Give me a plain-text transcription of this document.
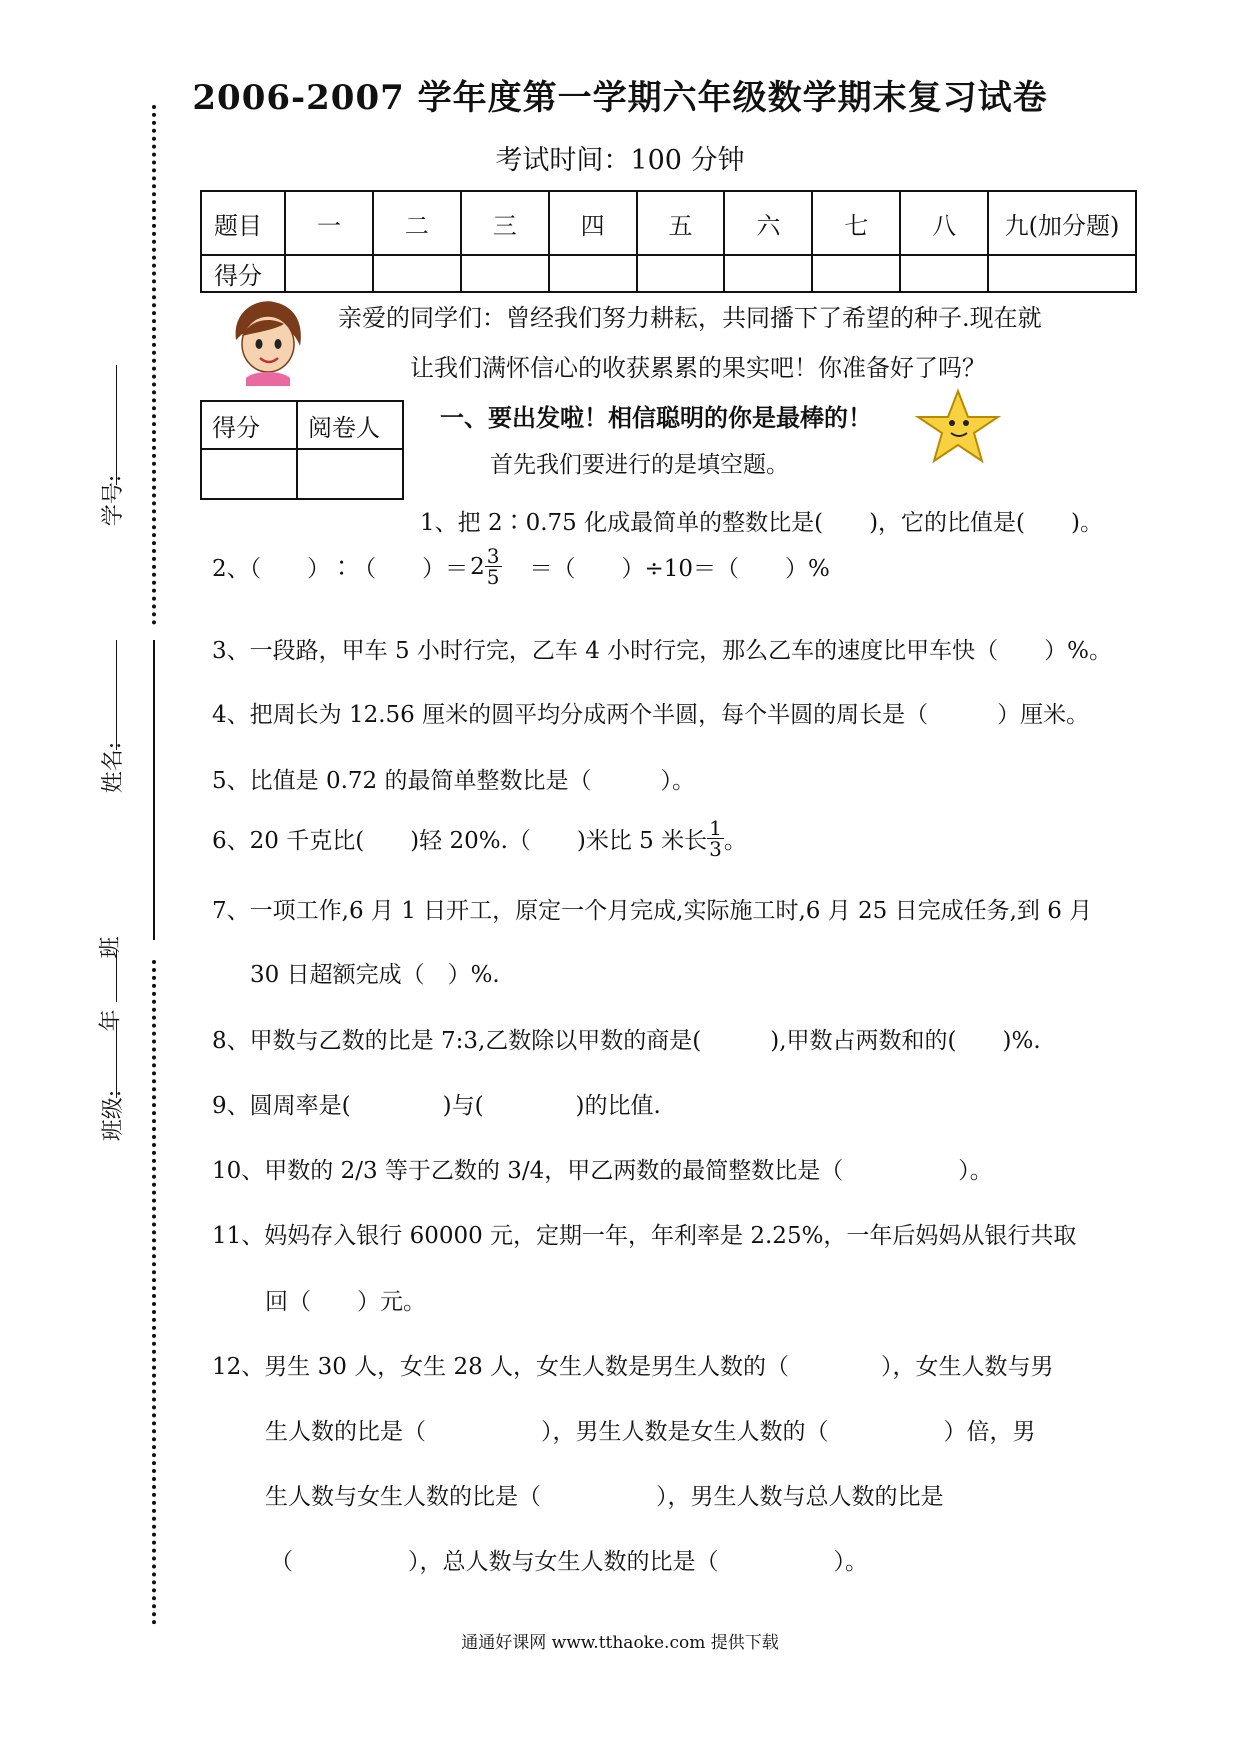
学号:
姓名:
班级:
年
班
2006-2007 学年度第一学期六年级数学期末复习试卷
考试时间：100 分钟
题目	一	二	三	四	五	六	七	八	九(加分题)
得分									
亲爱的同学们：曾经我们努力耕耘，共同播下了希望的种子.现在就
让我们满怀信心的收获累累的果实吧！你准备好了吗？
得分	阅卷人
		一、要出发啦！相信聪明的你是最棒的！
首先我们要进行的是填空题。
1、把 2∶0.75 化成最简单的整数比是(　　)，它的比值是(　　)。
2、（　　）∶（　　）＝ $2 \frac{3}{5}$ ＝（　　）÷10＝（　　）%
3、一段路，甲车 5 小时行完，乙车 4 小时行完，那么乙车的速度比甲车快（　　）%。
4、把周长为 12.56 厘米的圆平均分成两个半圆，每个半圆的周长是（　　　）厘米。
5、比值是 0.72 的最简单整数比是（　　　）。
6、20 千克比(　　)轻 20%.（　　)米比 5 米长 $\frac{1}{3}$ 。
7、一项工作,6 月 1 日开工，原定一个月完成,实际施工时,6 月 25 日完成任务,到 6 月
30 日超额完成（　）%.
8、甲数与乙数的比是 7:3,乙数除以甲数的商是(　　　),甲数占两数和的(　　)%.
9、圆周率是(　　　　)与(　　　　)的比值.
10、甲数的 2/3 等于乙数的 3/4，甲乙两数的最简整数比是（　　　　　）。
11、妈妈存入银行 60000 元，定期一年，年利率是 2.25%，一年后妈妈从银行共取
回（　　）元。
12、男生 30 人，女生 28 人，女生人数是男生人数的（　　　　），女生人数与男
生人数的比是（　　　　　），男生人数是女生人数的（　　　　　）倍，男
生人数与女生人数的比是（　　　　　），男生人数与总人数的比是
（　　　　　），总人数与女生人数的比是（　　　　　）。
通通好课网 www.tthaoke.com 提供下载
